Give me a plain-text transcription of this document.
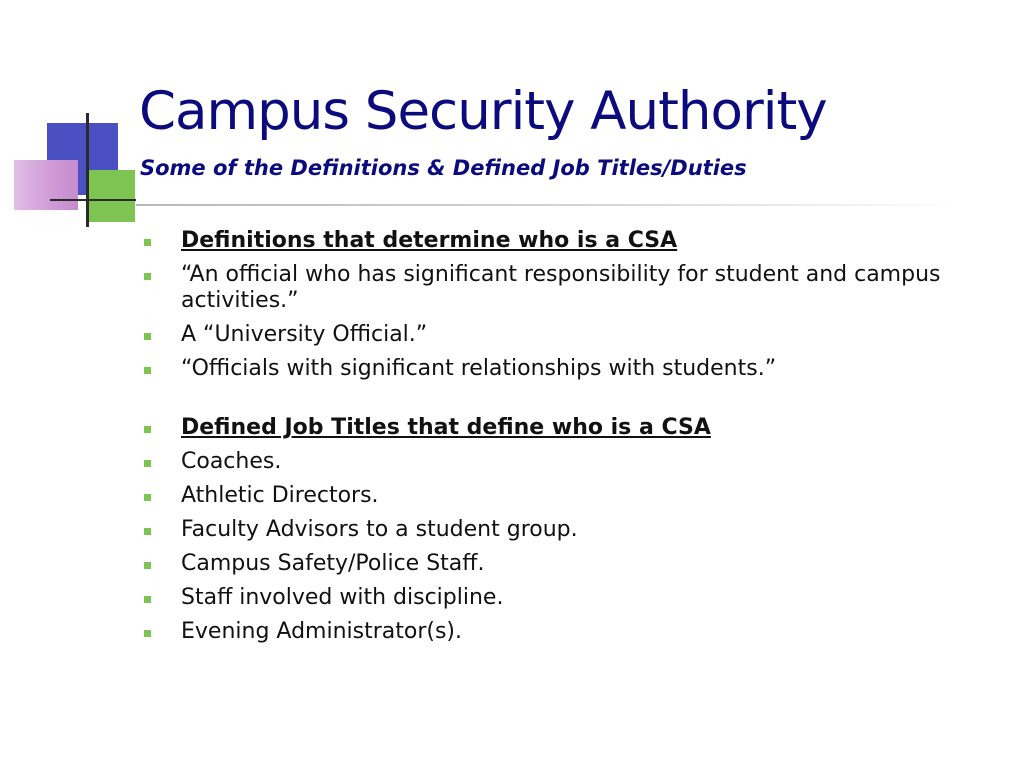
Campus Security Authority
Some of the Definitions & Defined Job Titles/Duties
Definitions that determine who is a CSA
“An official who has significant responsibility for student and campus activities.”
A “University Official.”
“Officials with significant relationships with students.”
Defined Job Titles that define who is a CSA
Coaches.
Athletic Directors.
Faculty Advisors to a student group.
Campus Safety/Police Staff.
Staff involved with discipline.
Evening Administrator(s).
